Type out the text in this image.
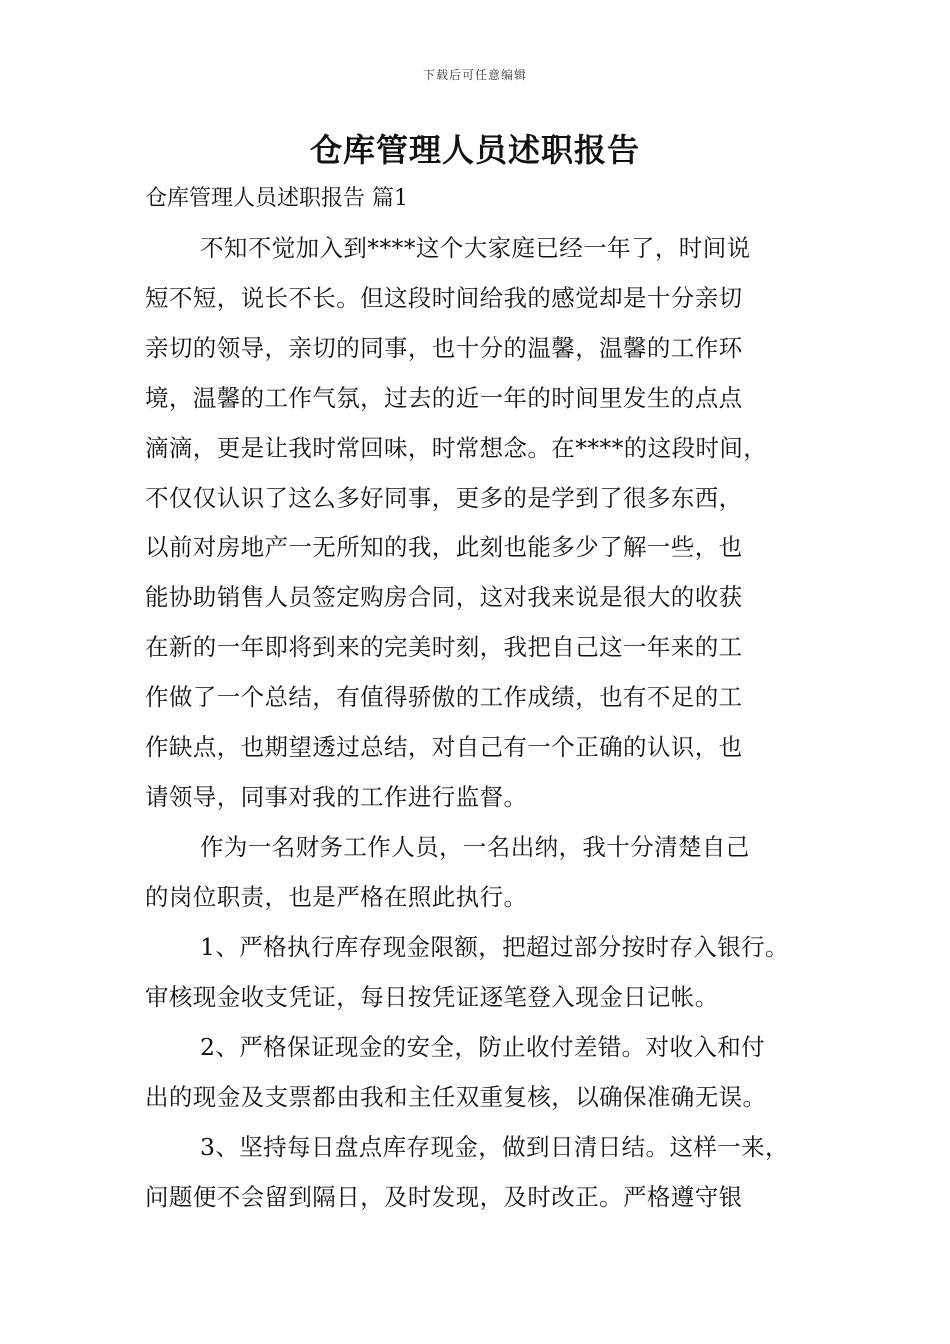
下载后可任意编辑
仓库管理人员述职报告
仓库管理人员述职报告 篇1
不知不觉加入到****这个大家庭已经一年了，时间说
短不短，说长不长。但这段时间给我的感觉却是十分亲切
亲切的领导，亲切的同事，也十分的温馨，温馨的工作环
境，温馨的工作气氛，过去的近一年的时间里发生的点点
滴滴，更是让我时常回味，时常想念。在****的这段时间，
不仅仅认识了这么多好同事，更多的是学到了很多东西，
以前对房地产一无所知的我，此刻也能多少了解一些，也
能协助销售人员签定购房合同，这对我来说是很大的收获
在新的一年即将到来的完美时刻，我把自己这一年来的工
作做了一个总结，有值得骄傲的工作成绩，也有不足的工
作缺点，也期望透过总结，对自己有一个正确的认识，也
请领导，同事对我的工作进行监督。
作为一名财务工作人员，一名出纳，我十分清楚自己
的岗位职责，也是严格在照此执行。
1、严格执行库存现金限额，把超过部分按时存入银行。
审核现金收支凭证，每日按凭证逐笔登入现金日记帐。
2、严格保证现金的安全，防止收付差错。对收入和付
出的现金及支票都由我和主任双重复核，以确保准确无误。
3、坚持每日盘点库存现金，做到日清日结。这样一来，
问题便不会留到隔日，及时发现，及时改正。严格遵守银
